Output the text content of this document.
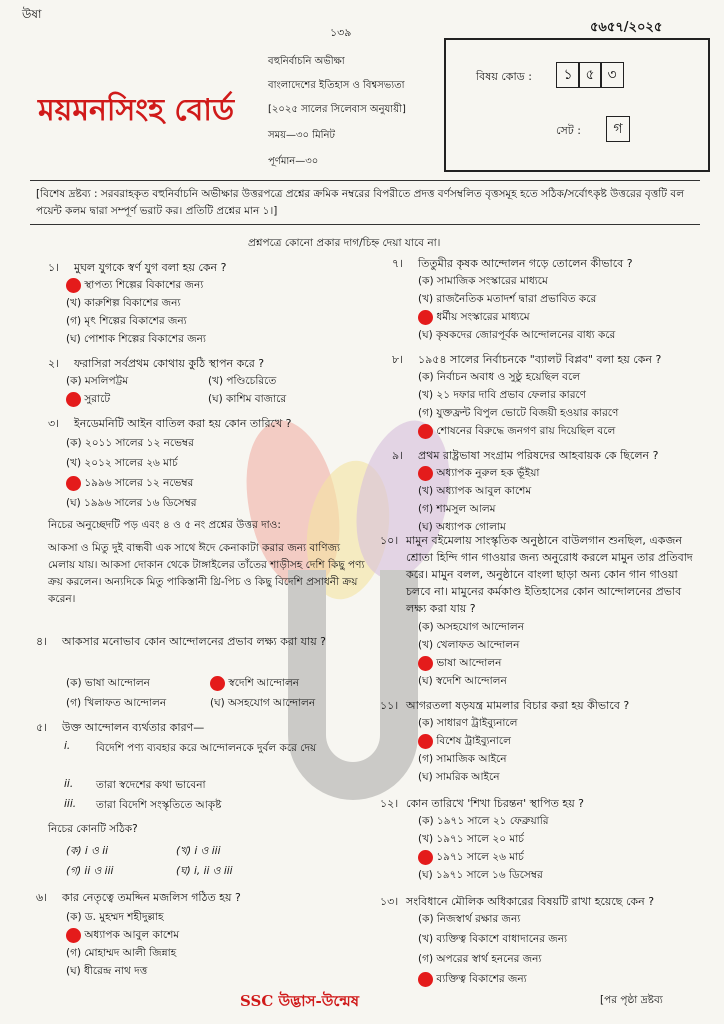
উষা
১৩৯	৫৬৫৭/২০২৫
ময়মনসিংহ বোর্ড
বহুনির্বাচনি অভীক্ষা
বাংলাদেশের ইতিহাস ও বিশ্বসভ্যতা
[২০২৫ সালের সিলেবাস অনুযায়ী]
সময়—৩০ মিনিট
পূর্ণমান—৩০
বিষয় কোড :	১ ৫ ৩
সেট :	গ
[বিশেষ দ্রষ্টব্য : সরবরাহকৃত বহুনির্বাচনি অভীক্ষার উত্তরপত্রে প্রশ্নের ক্রমিক নম্বরের বিপরীতে প্রদত্ত বর্ণসম্বলিত বৃত্তসমূহ হতে সঠিক/সর্বোৎকৃষ্ট উত্তরের বৃত্তটি বল পয়েন্ট কলম দ্বারা সম্পূর্ণ ভরাট কর। প্রতিটি প্রশ্নের মান ১।]
প্রশ্নপত্রে কোনো প্রকার দাগ/চিহ্ন দেয়া যাবে না।
১।	মুঘল যুগকে স্বর্ণ যুগ বলা হয় কেন ?
স্থাপত্য শিল্পের বিকাশের জন্য
(খ) কারুশিল্প বিকাশের জন্য
(গ) মৃৎ শিল্পের বিকাশের জন্য
(ঘ) পোশাক শিল্পের বিকাশের জন্য
২।	ফরাসিরা সর্বপ্রথম কোথায় কুঠি স্থাপন করে ?
(ক) মসলিপট্টম	(খ) পণ্ডিচেরিতে
সুরাটে	(ঘ) কাশিম বাজারে
৩।	ইনডেমনিটি আইন বাতিল করা হয় কোন তারিখে ?
(ক) ২০১১ সালের ১২ নভেম্বর
(খ) ২০১২ সালের ২৬ মার্চ
১৯৯৬ সালের ১২ নভেম্বর
(ঘ) ১৯৯৬ সালের ১৬ ডিসেম্বর
নিচের অনুচ্ছেদটি পড় এবং ৪ ও ৫ নং প্রশ্নের উত্তর দাও:
আকসা ও মিতু দুই বান্ধবী এক সাথে ঈদে কেনাকাটা করার জন্য বাণিজ্য মেলায় যায়। আকসা দোকান থেকে টাঙ্গাইলের তাঁতের শাড়ীসহ দেশি কিছু পণ্য ক্রয় করলেন। অন্যদিকে মিতু পাকিস্তানী থ্রি-পিচ ও কিছু বিদেশি প্রসাধনী ক্রয় করেন।
৪।	আকসার মনোভাব কোন আন্দোলনের প্রভাব লক্ষ্য করা যায় ?
(ক) ভাষা আন্দোলন	স্বদেশি আন্দোলন
(গ) খিলাফত আন্দোলন	(ঘ) অসহযোগ আন্দোলন
৫।	উক্ত আন্দোলন ব্যর্থতার কারণ—
i. বিদেশি পণ্য ব্যবহার করে আন্দোলনকে দুর্বল করে দেয়
ii. তারা স্বদেশের কথা ভাবেনা
iii. তারা বিদেশি সংস্কৃতিতে আকৃষ্ট
নিচের কোনটি সঠিক?
(ক) i ও ii	(খ) i ও iii
(গ) ii ও iii	(ঘ) i, ii ও iii
৬।	কার নেতৃত্বে তমদ্দিন মজলিস গঠিত হয় ?
(ক) ড. মুহম্মদ শহীদুল্লাহ
অধ্যাপক আবুল কাশেম
(গ) মোহাম্মদ আলী জিন্নাহ
(ঘ) ধীরেন্দ্র নাথ দত্ত
৭।	তিতুমীর কৃষক আন্দোলন গড়ে তোলেন কীভাবে ?
(ক) সামাজিক সংস্কারের মাধ্যমে
(খ) রাজনৈতিক মতাদর্শ দ্বারা প্রভাবিত করে
ধর্মীয় সংস্কারের মাধ্যমে
(ঘ) কৃষকদের জোরপূর্বক আন্দোলনের বাধ্য করে
৮।	১৯৫৪ সালের নির্বাচনকে "ব্যালট বিপ্লব" বলা হয় কেন ?
(ক) নির্বাচন অবাধ ও সুষ্ঠু হয়েছিল বলে
(খ) ২১ দফার দাবি প্রভাব ফেলার কারণে
(গ) যুক্তফ্রন্ট বিপুল ভোটে বিজয়ী হওয়ার কারণে
শোষনের বিরুদ্ধে জনগণ রায় দিয়েছিল বলে
৯।	প্রথম রাষ্ট্রভাষা সংগ্রাম পরিষদের আহবায়ক কে ছিলেন ?
অধ্যাপক নুরুল হক ভূঁইয়া
(খ) অধ্যাপক আবুল কাশেম
(গ) শামসুল আলম
(ঘ) অধ্যাপক গোলাম
১০। মামুন বইমেলায় সাংস্কৃতিক অনুষ্ঠানে বাউলগান শুনছিল, একজন শ্রোতা হিন্দি গান গাওয়ার জন্য অনুরোধ করলে মামুন তার প্রতিবাদ করে। মামুন বলল, অনুষ্ঠানে বাংলা ছাড়া অন্য কোন গান গাওয়া চলবে না। মামুনের কর্মকাণ্ড ইতিহাসের কোন আন্দোলনের প্রভাব লক্ষ্য করা যায় ?
(ক) অসহযোগ আন্দোলন
(খ) খেলাফত আন্দোলন
ভাষা আন্দোলন
(ঘ) স্বদেশি আন্দোলন
১১। আগরতলা ষড়যন্ত্র মামলার বিচার করা হয় কীভাবে ?
(ক) সাধারণ ট্রাইব্যুনালে
বিশেষ ট্রাইব্যুনালে
(গ) সামাজিক আইনে
(ঘ) সামরিক আইনে
১২। কোন তারিখে 'শিখা চিরন্তন' স্থাপিত হয় ?
(ক) ১৯৭১ সালে ২১ ফেব্রুয়ারি
(খ) ১৯৭১ সালে ২০ মার্চ
১৯৭১ সালে ২৬ মার্চ
(ঘ) ১৯৭১ সালে ১৬ ডিসেম্বর
১৩। সংবিধানে মৌলিক অধিকারের বিষয়টি রাখা হয়েছে কেন ?
(ক) নিজস্বার্থ রক্ষার জন্য
(খ) ব্যক্তিত্ব বিকাশে বাধাদানের জন্য
(গ) অপরের স্বার্থ হননের জন্য
ব্যক্তিত্ব বিকাশের জন্য
SSC উদ্ভাস-উন্মেষ	[পর পৃষ্ঠা দ্রষ্টব্য
